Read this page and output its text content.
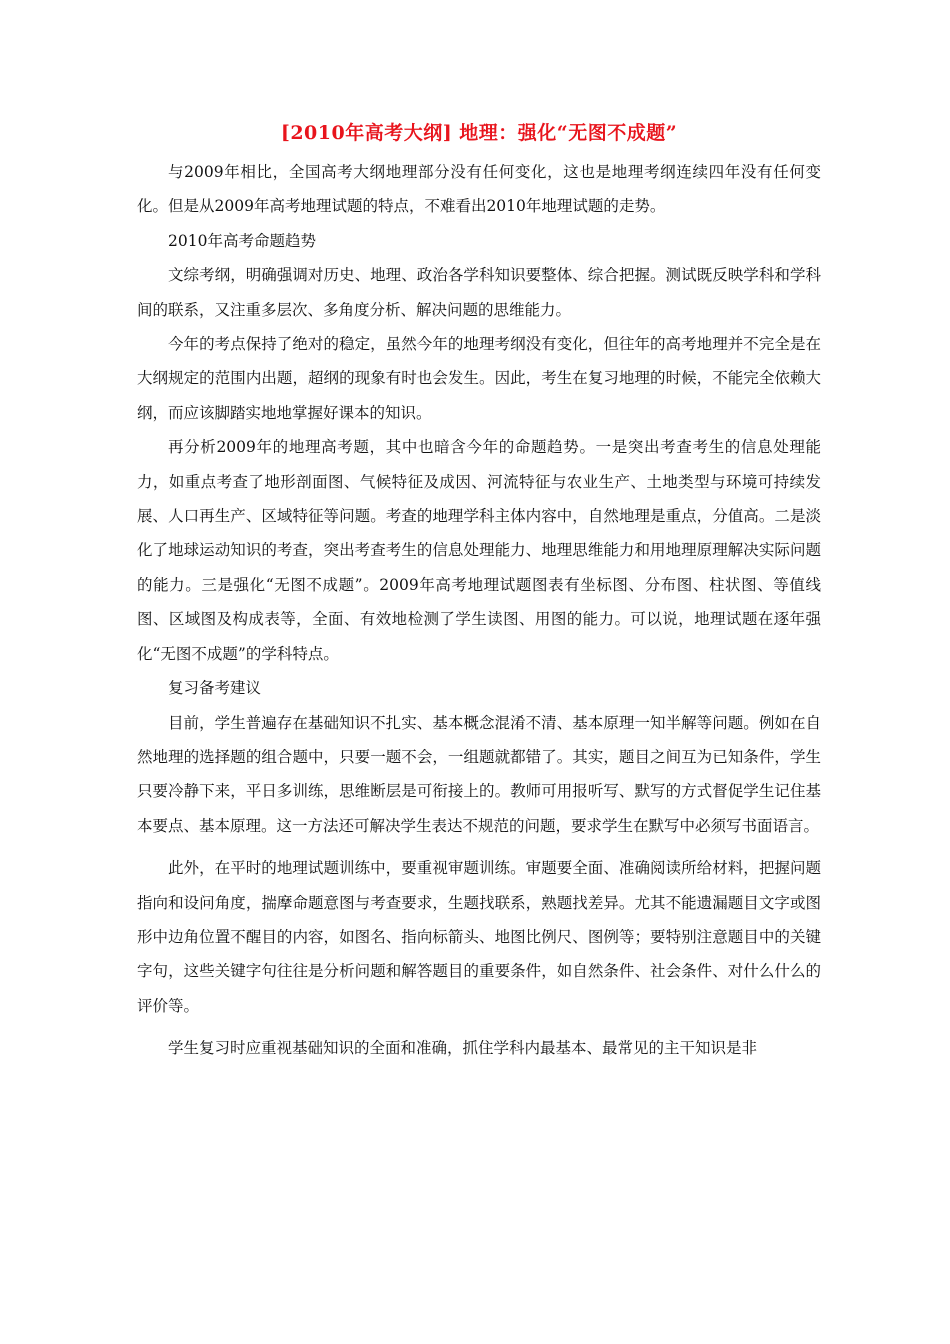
[2010年高考大纲] 地理：强化“无图不成题”

与2009年相比，全国高考大纲地理部分没有任何变化，这也是地理考纲连续四年没有任何变化。但是从2009年高考地理试题的特点，不难看出2010年地理试题的走势。

2010年高考命题趋势

文综考纲，明确强调对历史、地理、政治各学科知识要整体、综合把握。测试既反映学科和学科间的联系，又注重多层次、多角度分析、解决问题的思维能力。

今年的考点保持了绝对的稳定，虽然今年的地理考纲没有变化，但往年的高考地理并不完全是在大纲规定的范围内出题，超纲的现象有时也会发生。因此，考生在复习地理的时候，不能完全依赖大纲，而应该脚踏实地地掌握好课本的知识。

再分析2009年的地理高考题，其中也暗含今年的命题趋势。一是突出考查考生的信息处理能力，如重点考查了地形剖面图、气候特征及成因、河流特征与农业生产、土地类型与环境可持续发展、人口再生产、区域特征等问题。考查的地理学科主体内容中，自然地理是重点，分值高。二是淡化了地球运动知识的考查，突出考查考生的信息处理能力、地理思维能力和用地理原理解决实际问题的能力。三是强化“无图不成题”。2009年高考地理试题图表有坐标图、分布图、柱状图、等值线图、区域图及构成表等，全面、有效地检测了学生读图、用图的能力。可以说，地理试题在逐年强化“无图不成题”的学科特点。

复习备考建议

目前，学生普遍存在基础知识不扎实、基本概念混淆不清、基本原理一知半解等问题。例如在自然地理的选择题的组合题中，只要一题不会，一组题就都错了。其实，题目之间互为已知条件，学生只要冷静下来，平日多训练，思维断层是可衔接上的。教师可用报听写、默写的方式督促学生记住基本要点、基本原理。这一方法还可解决学生表达不规范的问题，要求学生在默写中必须写书面语言。

此外，在平时的地理试题训练中，要重视审题训练。审题要全面、准确阅读所给材料，把握问题指向和设问角度，揣摩命题意图与考查要求，生题找联系，熟题找差异。尤其不能遗漏题目文字或图形中边角位置不醒目的内容，如图名、指向标箭头、地图比例尺、图例等；要特别注意题目中的关键字句，这些关键字句往往是分析问题和解答题目的重要条件，如自然条件、社会条件、对什么什么的评价等。

学生复习时应重视基础知识的全面和准确，抓住学科内最基本、最常见的主干知识是非
